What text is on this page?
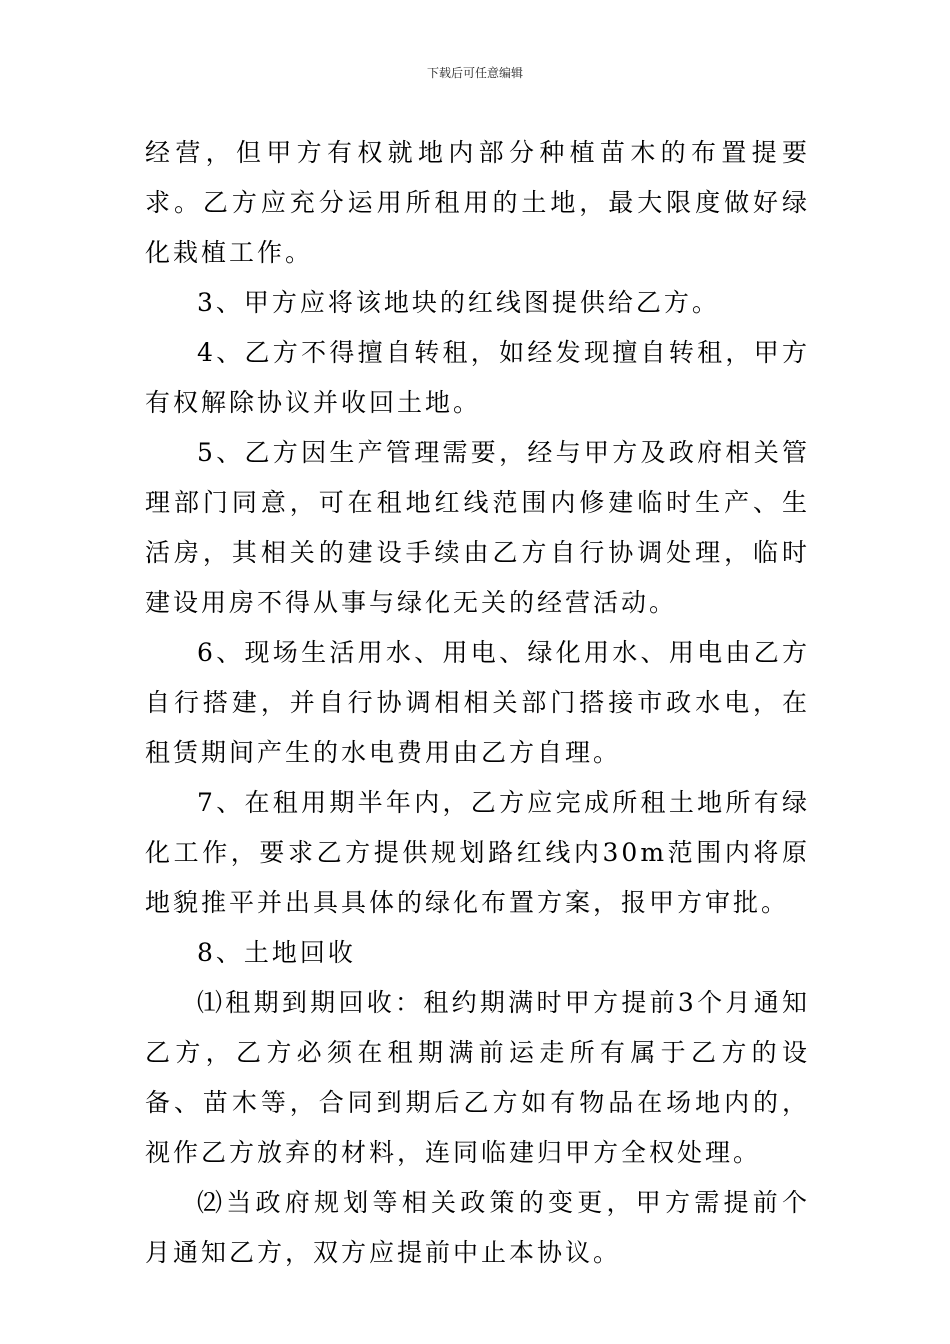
下载后可任意编辑

经营，但甲方有权就地内部分种植苗木的布置提要求。乙方应充分运用所租用的土地，最大限度做好绿化栽植工作。

3、甲方应将该地块的红线图提供给乙方。

4、乙方不得擅自转租，如经发现擅自转租，甲方有权解除协议并收回土地。

5、乙方因生产管理需要，经与甲方及政府相关管理部门同意，可在租地红线范围内修建临时生产、生活房，其相关的建设手续由乙方自行协调处理，临时建设用房不得从事与绿化无关的经营活动。

6、现场生活用水、用电、绿化用水、用电由乙方自行搭建，并自行协调相相关部门搭接市政水电，在租赁期间产生的水电费用由乙方自理。

7、在租用期半年内，乙方应完成所租土地所有绿化工作，要求乙方提供规划路红线内30m范围内将原地貌推平并出具具体的绿化布置方案，报甲方审批。

8、土地回收

⑴租期到期回收：租约期满时甲方提前3个月通知乙方，乙方必须在租期满前运走所有属于乙方的设备、苗木等，合同到期后乙方如有物品在场地内的，视作乙方放弃的材料，连同临建归甲方全权处理。

⑵当政府规划等相关政策的变更，甲方需提前个月通知乙方，双方应提前中止本协议。
